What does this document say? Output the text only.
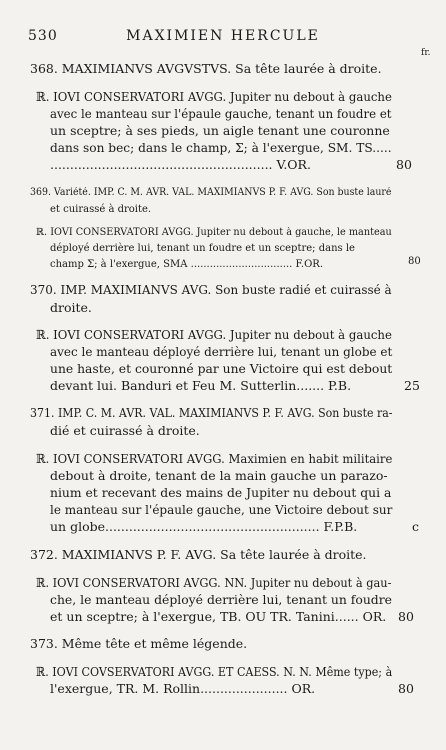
530	MAXIMIEN HERCULE
fr.
368. MAXIMIANVS AVGVSTVS. Sa tête laurée à droite.
ℝ. IOVI CONSERVATORI AVGG. Jupiter nu debout à gauche
avec le manteau sur l'épaule gauche, tenant un foudre et
un sceptre; à ses pieds, un aigle tenant une couronne
dans son bec; dans le champ, Σ; à l'exergue, SM. TS.....
........................................................ V.OR.	80
369. Variété. IMP. C. M. AVR. VAL. MAXIMIANVS P. F. AVG. Son buste lauré
et cuirassé à droite.
ℝ. IOVI CONSERVATORI AVGG. Jupiter nu debout à gauche, le manteau
déployé derrière lui, tenant un foudre et un sceptre; dans le
champ Σ; à l'exergue, SMA ................................ F.OR.	80
370. IMP. MAXIMIANVS AVG. Son buste radié et cuirassé à
droite.
ℝ. IOVI CONSERVATORI AVGG. Jupiter nu debout à gauche
avec le manteau déployé derrière lui, tenant un globe et
une haste, et couronné par une Victoire qui est debout
devant lui. Banduri et Feu M. Sutterlin....... P.B.	25
371. IMP. C. M. AVR. VAL. MAXIMIANVS P. F. AVG. Son buste ra-
dié et cuirassé à droite.
ℝ. IOVI CONSERVATORI AVGG. Maximien en habit militaire
debout à droite, tenant de la main gauche un parazo-
nium et recevant des mains de Jupiter nu debout qui a
le manteau sur l'épaule gauche, une Victoire debout sur
un globe...................................................... F.P.B.	c
372. MAXIMIANVS P. F. AVG. Sa tête laurée à droite.
ℝ. IOVI CONSERVATORI AVGG. NN. Jupiter nu debout à gau-
che, le manteau déployé derrière lui, tenant un foudre
et un sceptre; à l'exergue, TB. OU TR. Tanini...... OR. 80
373. Même tête et même légende.
ℝ. IOVI COVSERVATORI AVGG. ET CAESS. N. N. Même type; à
l'exergue, TR. M. Rollin...................... OR.	80
